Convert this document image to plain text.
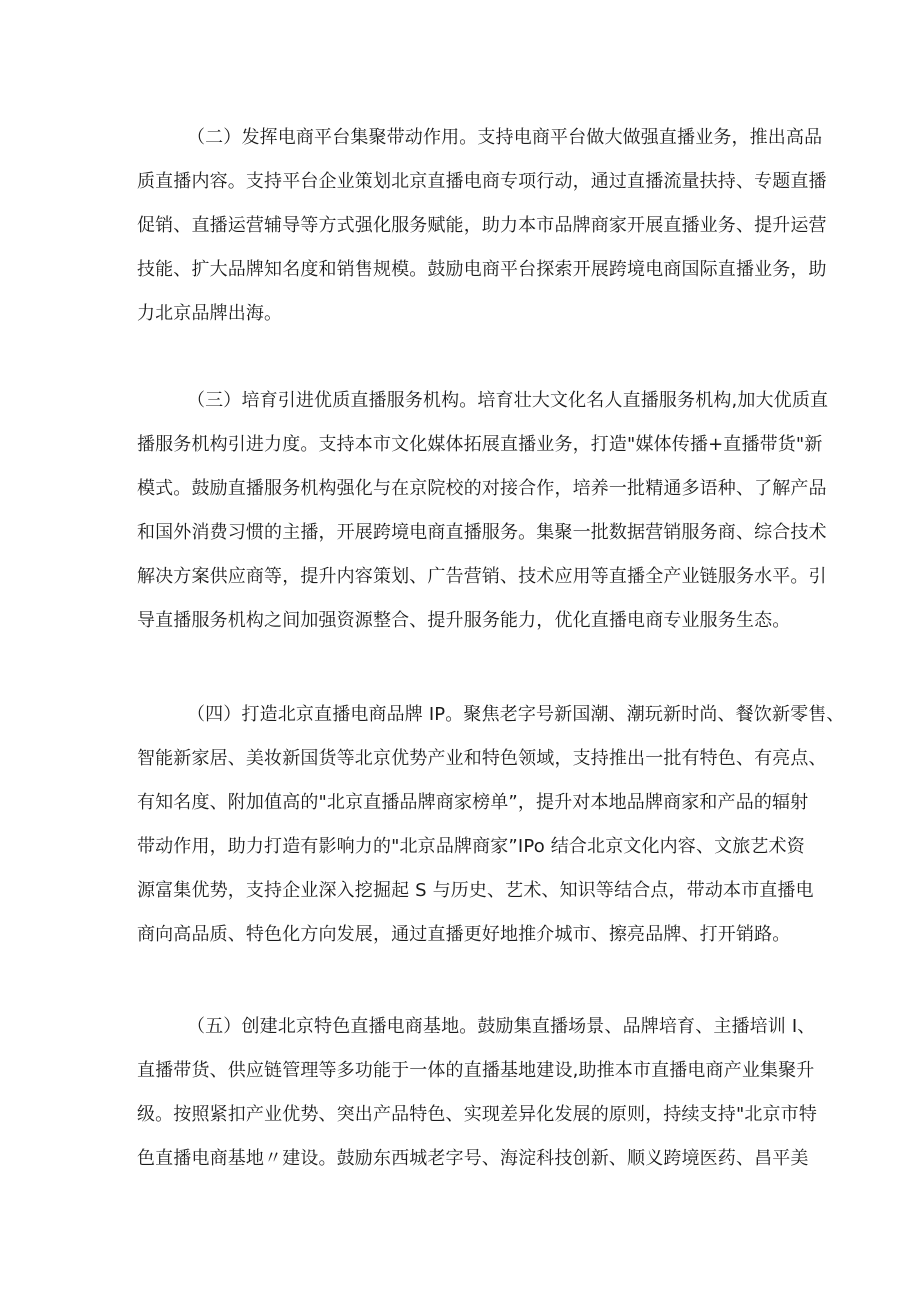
（二）发挥电商平台集聚带动作用。支持电商平台做大做强直播业务，推出高品
质直播内容。支持平台企业策划北京直播电商专项行动，通过直播流量扶持、专题直播
促销、直播运营辅导等方式强化服务赋能，助力本市品牌商家开展直播业务、提升运营
技能、扩大品牌知名度和销售规模。鼓励电商平台探索开展跨境电商国际直播业务，助
力北京品牌出海。
（三）培育引进优质直播服务机构。培育壮大文化名人直播服务机构,加大优质直
播服务机构引进力度。支持本市文化媒体拓展直播业务，打造"媒体传播+直播带货"新
模式。鼓励直播服务机构强化与在京院校的对接合作，培养一批精通多语种、了解产品
和国外消费习惯的主播，开展跨境电商直播服务。集聚一批数据营销服务商、综合技术
解决方案供应商等，提升内容策划、广告营销、技术应用等直播全产业链服务水平。引
导直播服务机构之间加强资源整合、提升服务能力，优化直播电商专业服务生态。
（四）打造北京直播电商品牌 IP。聚焦老字号新国潮、潮玩新时尚、餐饮新零售、
智能新家居、美妆新国货等北京优势产业和特色领域，支持推出一批有特色、有亮点、
有知名度、附加值高的"北京直播品牌商家榜单”，提升对本地品牌商家和产品的辐射
带动作用，助力打造有影响力的"北京品牌商家”IPo 结合北京文化内容、文旅艺术资
源富集优势，支持企业深入挖掘起 S 与历史、艺术、知识等结合点，带动本市直播电
商向高品质、特色化方向发展，通过直播更好地推介城市、擦亮品牌、打开销路。
（五）创建北京特色直播电商基地。鼓励集直播场景、品牌培育、主播培训 I、
直播带货、供应链管理等多功能于一体的直播基地建设,助推本市直播电商产业集聚升
级。按照紧扣产业优势、突出产品特色、实现差异化发展的原则，持续支持"北京市特
色直播电商基地〃建设。鼓励东西城老字号、海淀科技创新、顺义跨境医药、昌平美
